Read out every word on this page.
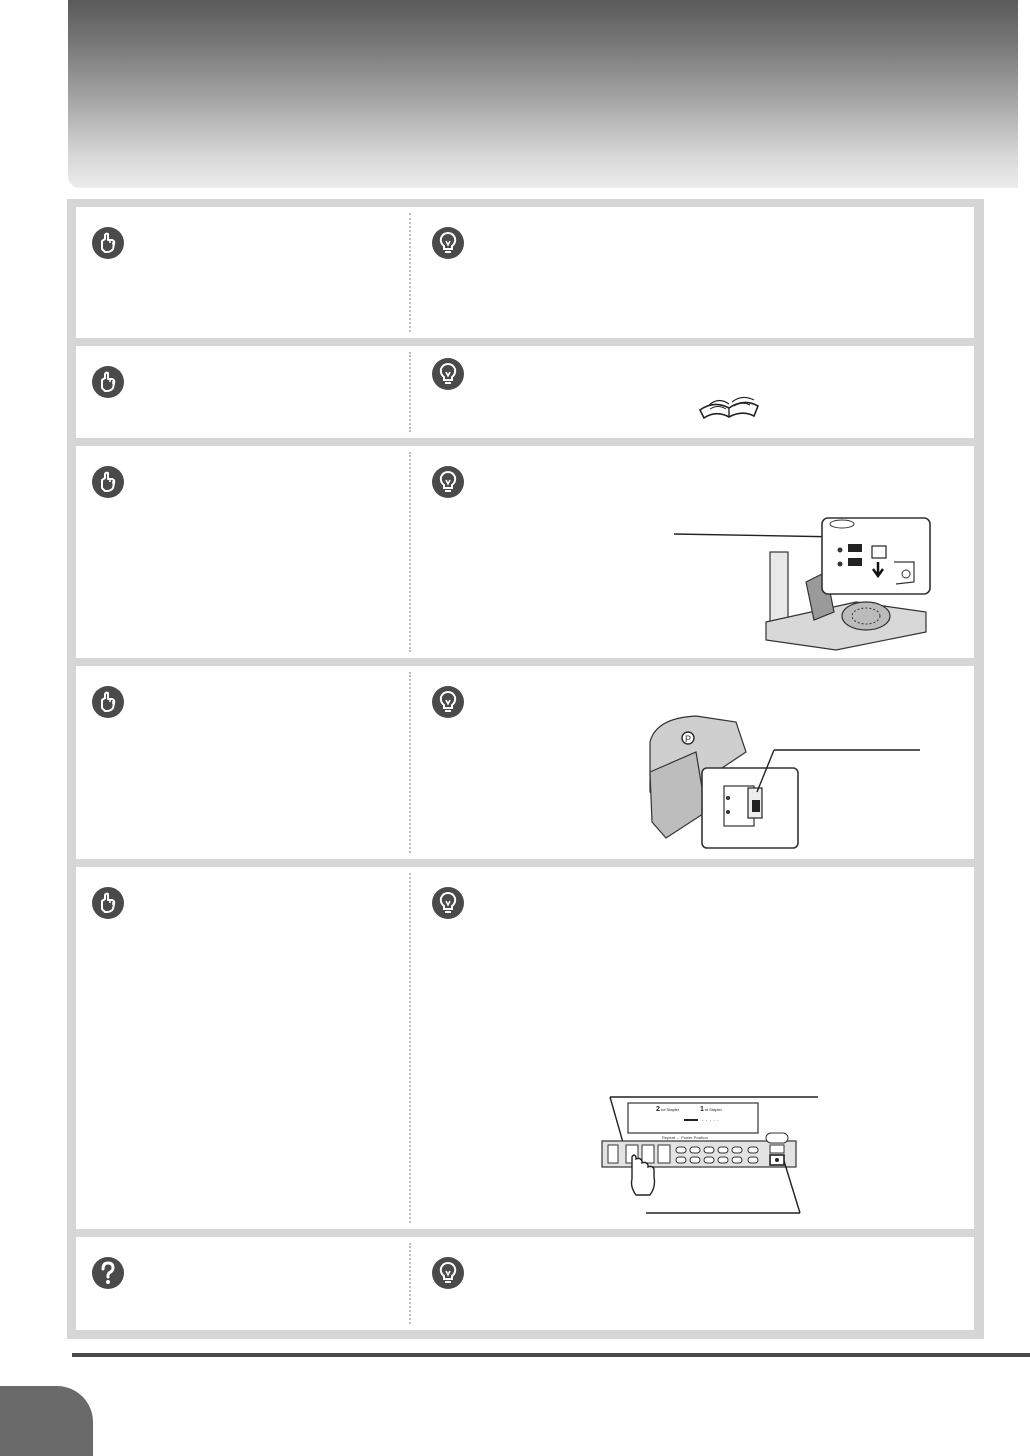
P
2 nd Stapler	1 st Stapler
· · · · ·
Repeat ← Power Position
